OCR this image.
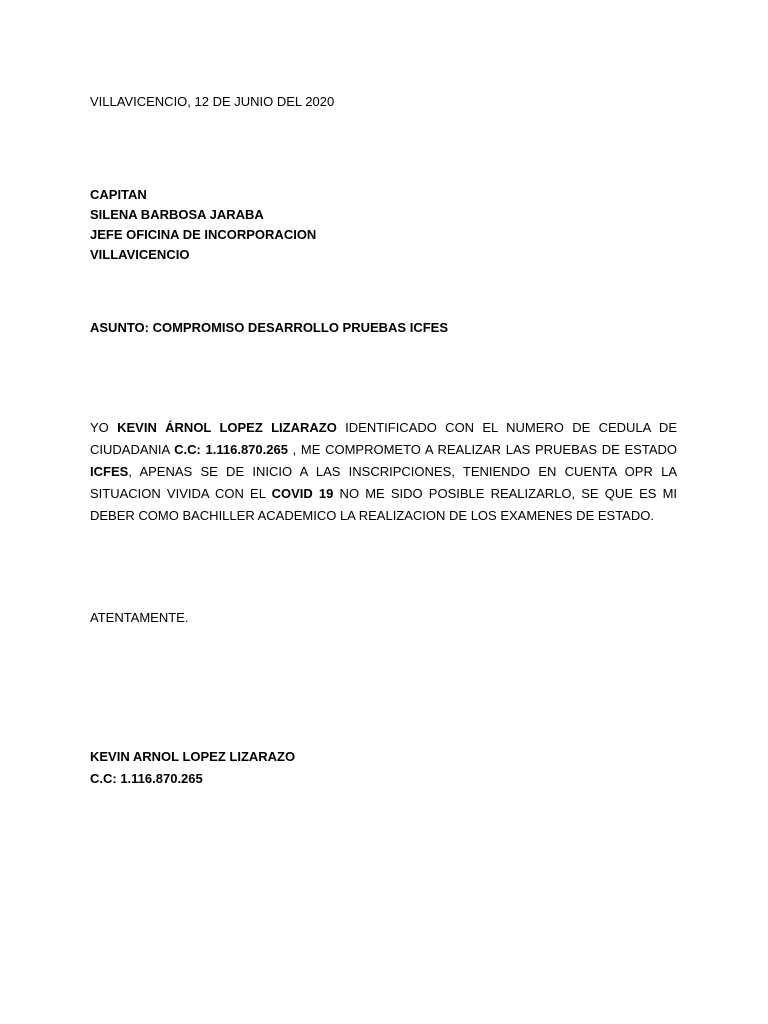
VILLAVICENCIO, 12 DE JUNIO DEL 2020
CAPITAN
SILENA BARBOSA JARABA
JEFE OFICINA DE INCORPORACION
VILLAVICENCIO
ASUNTO: COMPROMISO DESARROLLO PRUEBAS ICFES
YO KEVIN ÁRNOL LOPEZ LIZARAZO IDENTIFICADO CON EL NUMERO DE CEDULA DE CIUDADANIA C.C: 1.116.870.265 , ME COMPROMETO A REALIZAR LAS PRUEBAS DE ESTADO ICFES, APENAS SE DE INICIO A LAS INSCRIPCIONES, TENIENDO EN CUENTA OPR LA SITUACION VIVIDA CON EL COVID 19 NO ME SIDO POSIBLE REALIZARLO, SE QUE ES MI DEBER COMO BACHILLER ACADEMICO LA REALIZACION DE LOS EXAMENES DE ESTADO.
ATENTAMENTE.
KEVIN ARNOL LOPEZ LIZARAZO
C.C: 1.116.870.265
